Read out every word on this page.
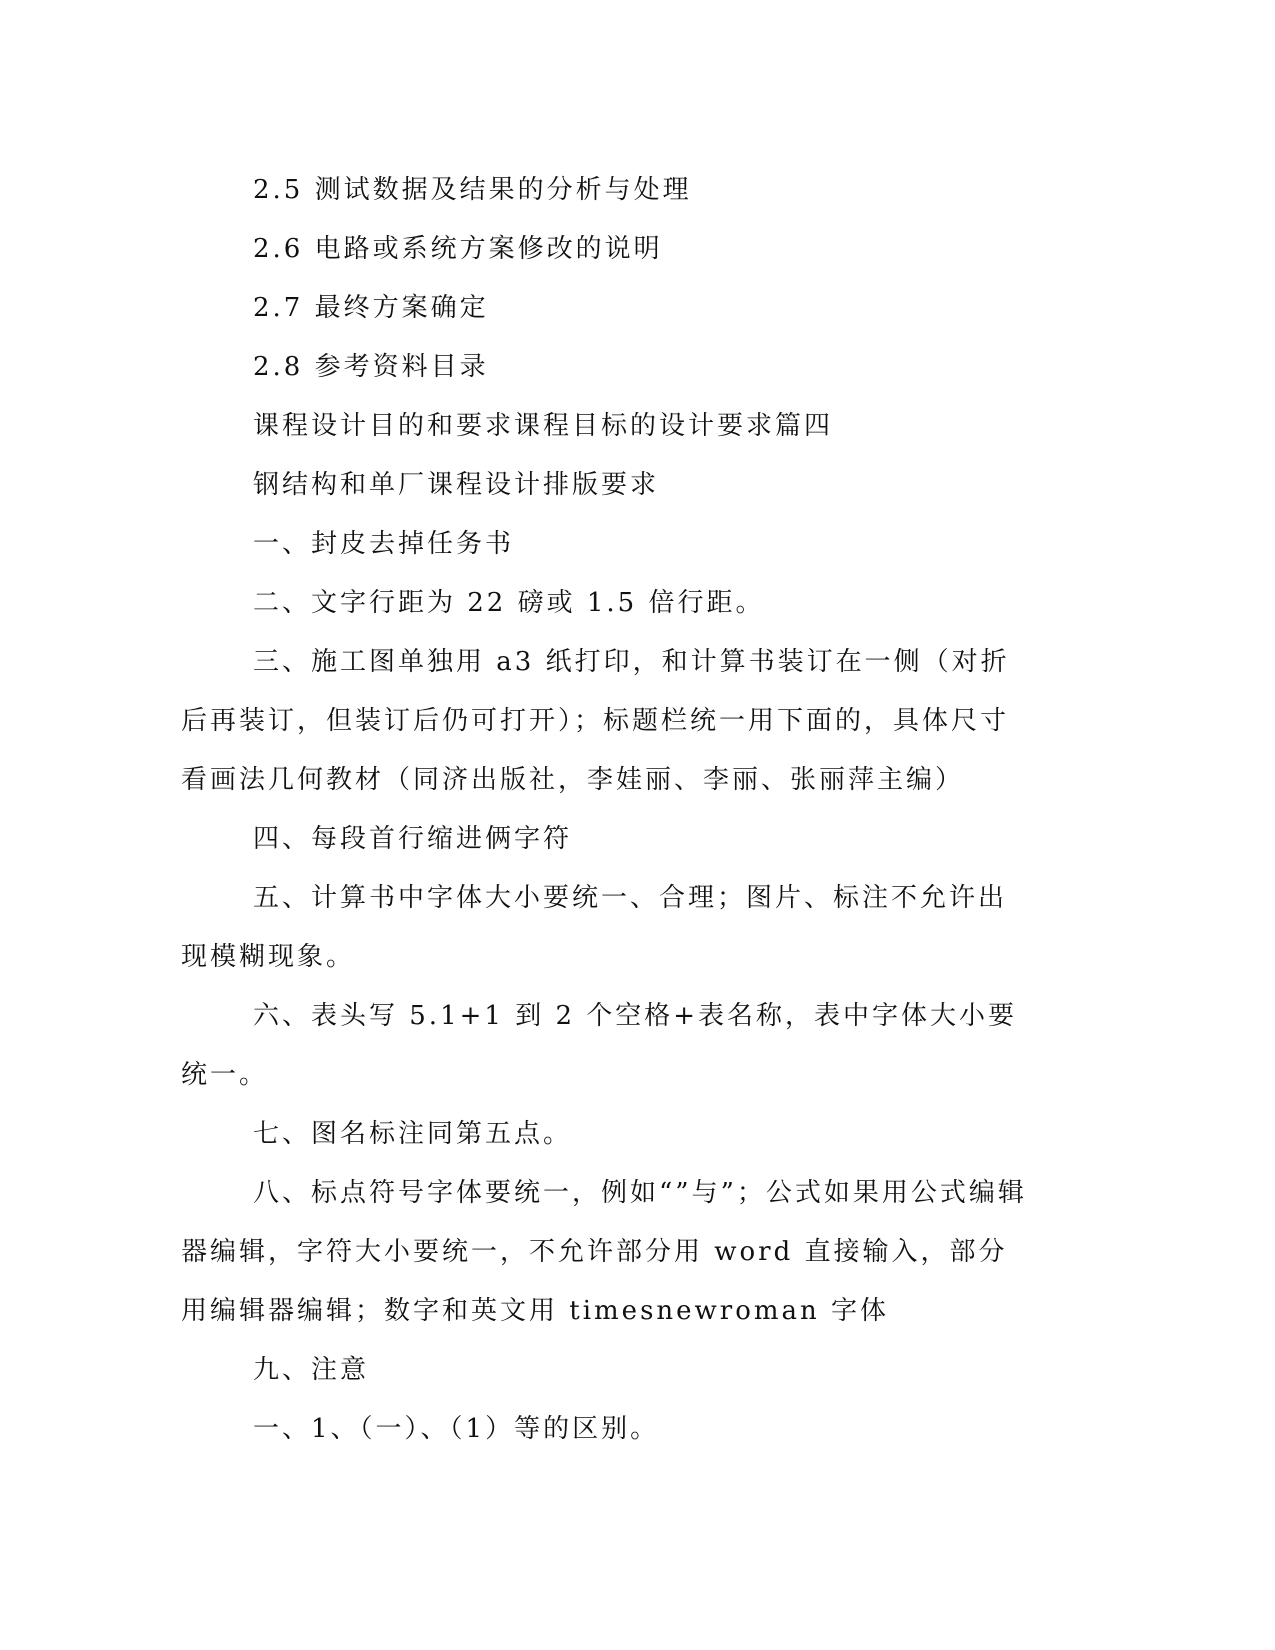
2.5 测试数据及结果的分析与处理

2.6 电路或系统方案修改的说明

2.7 最终方案确定

2.8 参考资料目录

课程设计目的和要求课程目标的设计要求篇四

钢结构和单厂课程设计排版要求

一、封皮去掉任务书

二、文字行距为 22 磅或 1.5 倍行距。

三、施工图单独用 a3 纸打印，和计算书装订在一侧（对折后再装订，但装订后仍可打开）；标题栏统一用下面的，具体尺寸看画法几何教材（同济出版社，李娃丽、李丽、张丽萍主编）

四、每段首行缩进俩字符

五、计算书中字体大小要统一、合理；图片、标注不允许出现模糊现象。

六、表头写 5.1+1 到 2 个空格+表名称，表中字体大小要统一。

七、图名标注同第五点。

八、标点符号字体要统一，例如“”与”；公式如果用公式编辑器编辑，字符大小要统一，不允许部分用 word 直接输入，部分用编辑器编辑；数字和英文用 timesnewroman 字体

九、注意

一、1、（一）、（1）等的区别。
